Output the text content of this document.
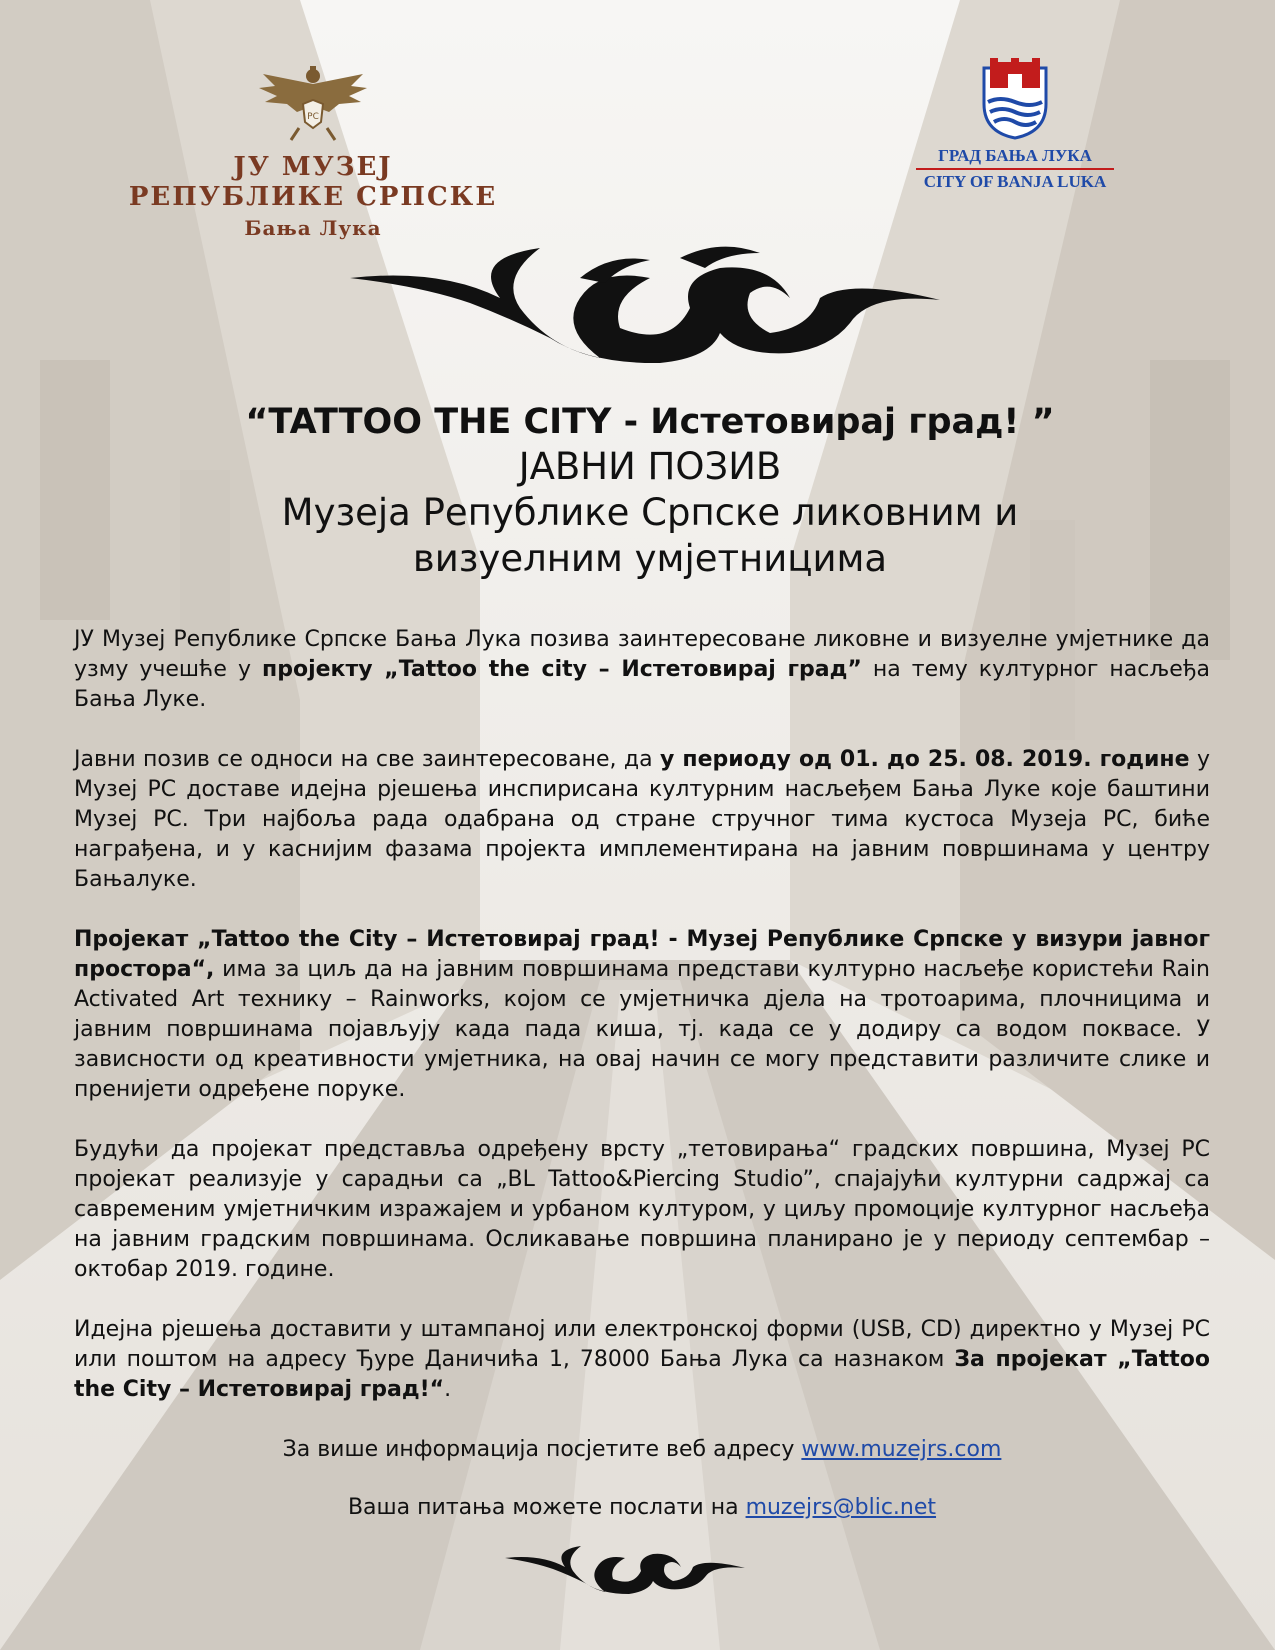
РС
ЈУ МУЗЕЈ РЕПУБЛИКЕ СРПСКЕ
Бања Лука
ГРАД БАЊА ЛУКА
CITY OF BANJA LUKA
“TATTOO THE CITY - Истетовирај град! ”
ЈАВНИ ПОЗИВ
Музеја Републике Српске ликовним и визуелним умјетницима

ЈУ Музеј Републике Српске Бања Лука позива заинтересоване ликовне и визуелне умјетнике да узму учешће у пројекту „Tattoo the city – Истетовирај град” на тему културног насљеђа Бања Луке.

Јавни позив се односи на све заинтересоване, да у периоду од 01. до 25. 08. 2019. године у Музеј РС доставе идејна рјешења инспирисана културним насљеђем Бања Луке које баштини Музеј РС. Три најбоља рада одабрана од стране стручног тима кустоса Музеја РС, биће награђена, и у каснијим фазама пројекта имплементирана на јавним површинама у центру Бањалуке.

Пројекат „Tattoo the City – Истетовирај град! - Музеј Републике Српске у визури јавног простора“, има за циљ да на јавним површинама представи културно насљеђе користећи Rain Activated Art технику – Rainworks, којом се умјетничка дјела на тротоарима, плочницима и јавним површинама појављују када пада киша, тј. када се у додиру са водом поквасе. У зависности од креативности умјетника, на овај начин се могу представити различите слике и пренијети одређене поруке.

Будући да пројекат представља одређену врсту „тетовирања“ градских површина, Музеј РС пројекат реализује у сарадњи са „BL Tattoo&Piercing Studio”, спајајући културни садржај са савременим умјетничким изражајем и урбаном културом, у циљу промоције културног насљеђа на јавним градским површинама. Осликавање површина планирано је у периоду септембар – октобар 2019. године.

Идејна рјешења доставити у штампаној или електронској форми (USB, CD) директно у Музеј РС или поштом на адресу Ђуре Даничића 1, 78000 Бања Лука са назнаком За пројекат „Tattoo the City – Истетовирај град!“.

За више информација посјетите веб адресу www.muzejrs.com

Ваша питања можете послати на muzejrs@blic.net
